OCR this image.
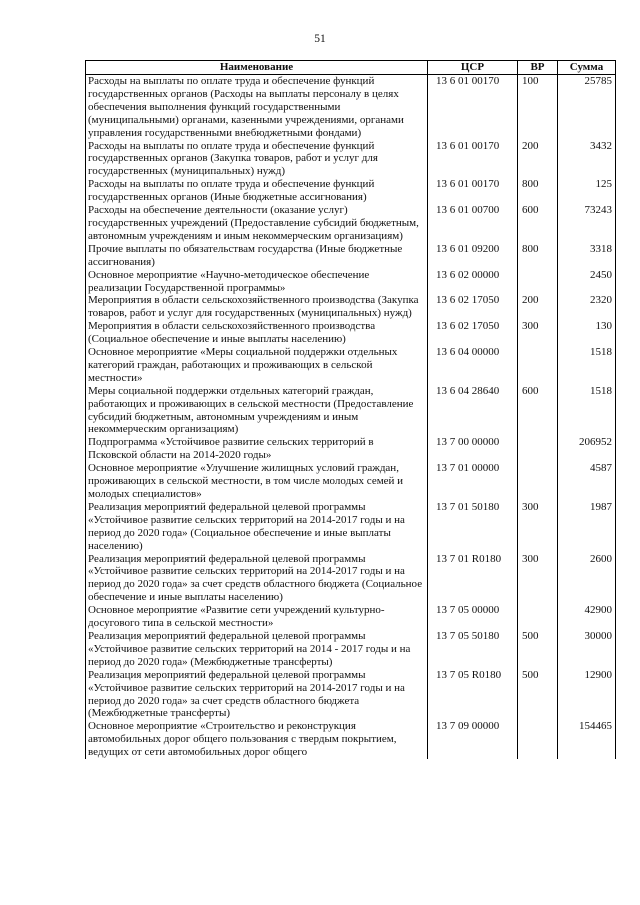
51
Наименование	ЦСР	ВР	Сумма
Расходы на выплаты по оплате труда и обеспечение функций государственных органов (Расходы на выплаты персоналу в целях обеспечения выполнения функций государственными (муниципальными) органами, казенными учреждениями, органами управления государственными внебюджетными фондами)	13 6 01 00170	100	25785
Расходы на выплаты по оплате труда и обеспечение функций государственных органов (Закупка товаров, работ и услуг для государственных (муниципальных) нужд)	13 6 01 00170	200	3432
Расходы на выплаты по оплате труда и обеспечение функций государственных органов (Иные бюджетные ассигнования)	13 6 01 00170	800	125
Расходы на обеспечение деятельности (оказание услуг) государственных учреждений (Предоставление субсидий бюджетным, автономным учреждениям и иным некоммерческим организациям)	13 6 01 00700	600	73243
Прочие выплаты по обязательствам государства (Иные бюджетные ассигнования)	13 6 01 09200	800	3318
Основное мероприятие «Научно-методическое обеспечение реализации Государственной программы»	13 6 02 00000		2450
Мероприятия в области сельскохозяйственного производства (Закупка товаров, работ и услуг для государственных (муниципальных) нужд)	13 6 02 17050	200	2320
Мероприятия в области сельскохозяйственного производства (Социальное обеспечение и иные выплаты населению)	13 6 02 17050	300	130
Основное мероприятие «Меры социальной поддержки отдельных категорий граждан, работающих и проживающих в сельской местности»	13 6 04 00000		1518
Меры социальной поддержки отдельных категорий граждан, работающих и проживающих в сельской местности (Предоставление субсидий бюджетным, автономным учреждениям и иным некоммерческим организациям)	13 6 04 28640	600	1518
Подпрограмма «Устойчивое развитие сельских территорий в Псковской области на 2014-2020 годы»	13 7 00 00000		206952
Основное мероприятие «Улучшение жилищных условий граждан, проживающих в сельской местности, в том числе молодых семей и молодых специалистов»	13 7 01 00000		4587
Реализация мероприятий федеральной целевой программы «Устойчивое развитие сельских территорий на 2014-2017 годы и на период до 2020 года» (Социальное обеспечение и иные выплаты населению)	13 7 01 50180	300	1987
Реализация мероприятий федеральной целевой программы «Устойчивое развитие сельских территорий на 2014-2017 годы и на период до 2020 года» за счет средств областного бюджета (Социальное обеспечение и иные выплаты населению)	13 7 01 R0180	300	2600
Основное мероприятие «Развитие сети учреждений культурно-досугового типа в сельской местности»	13 7 05 00000		42900
Реализация мероприятий федеральной целевой программы «Устойчивое развитие сельских территорий на 2014 - 2017 годы и на период до 2020 года» (Межбюджетные трансферты)	13 7 05 50180	500	30000
Реализация мероприятий федеральной целевой программы «Устойчивое развитие сельских территорий на 2014-2017 годы и на период до 2020 года» за счет средств областного бюджета (Межбюджетные трансферты)	13 7 05 R0180	500	12900
Основное мероприятие «Строительство и реконструкция автомобильных дорог общего пользования с твердым покрытием, ведущих от сети автомобильных дорог общего	13 7 09 00000		154465
